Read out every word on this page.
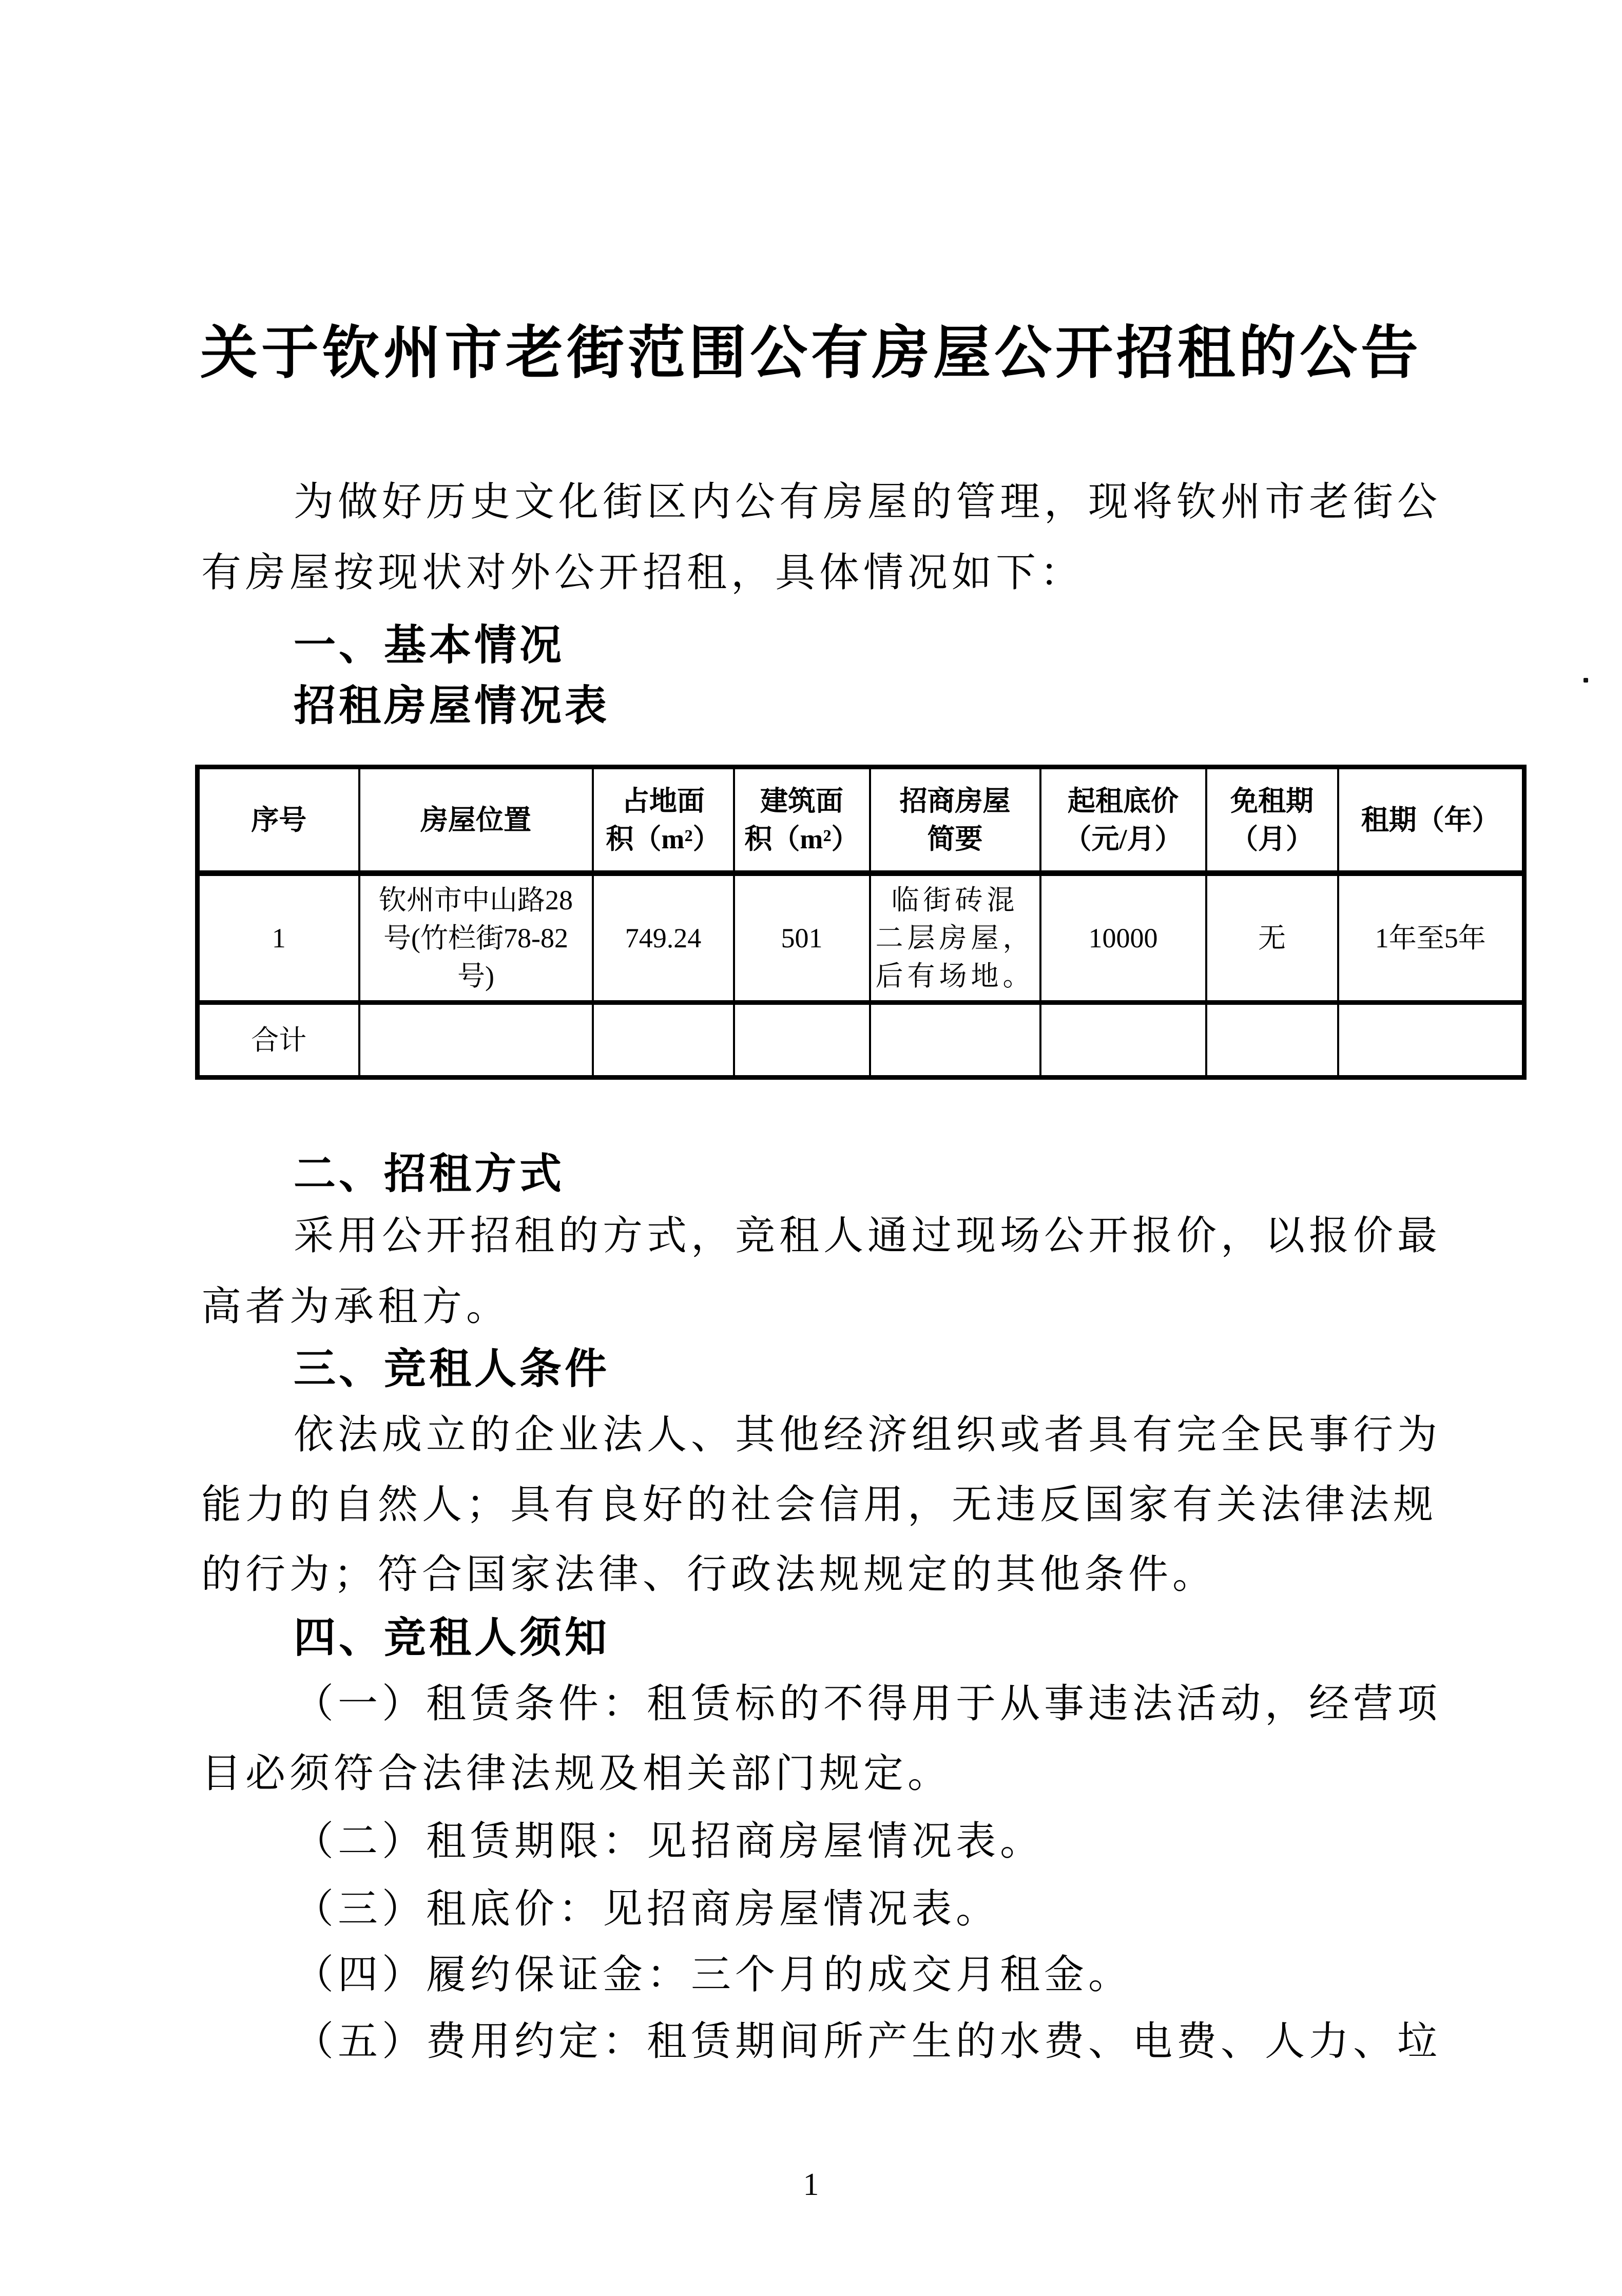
关于钦州市老街范围公有房屋公开招租的公告
为做好历史文化街区内公有房屋的管理，现将钦州市老街公
有房屋按现状对外公开招租，具体情况如下：
一、基本情况
招租房屋情况表
序号	房屋位置	占地面
积（m²）	建筑面
积（m²）	招商房屋
简要	起租底价
（元/月）	免租期
（月）	租期（年）

1	钦州市中山路28
号(竹栏街78-82
号)	749.24	501	临街砖混
二层房屋，
后有场地。	10000	无	1年至5年

合计							

二、招租方式
采用公开招租的方式，竞租人通过现场公开报价，以报价最
高者为承租方。
三、竞租人条件
依法成立的企业法人、其他经济组织或者具有完全民事行为
能力的自然人；具有良好的社会信用，无违反国家有关法律法规
的行为；符合国家法律、行政法规规定的其他条件。
四、竞租人须知
（一）租赁条件：租赁标的不得用于从事违法活动，经营项
目必须符合法律法规及相关部门规定。
（二）租赁期限：见招商房屋情况表。
（三）租底价：见招商房屋情况表。
（四）履约保证金：三个月的成交月租金。
（五）费用约定：租赁期间所产生的水费、电费、人力、垃
1
